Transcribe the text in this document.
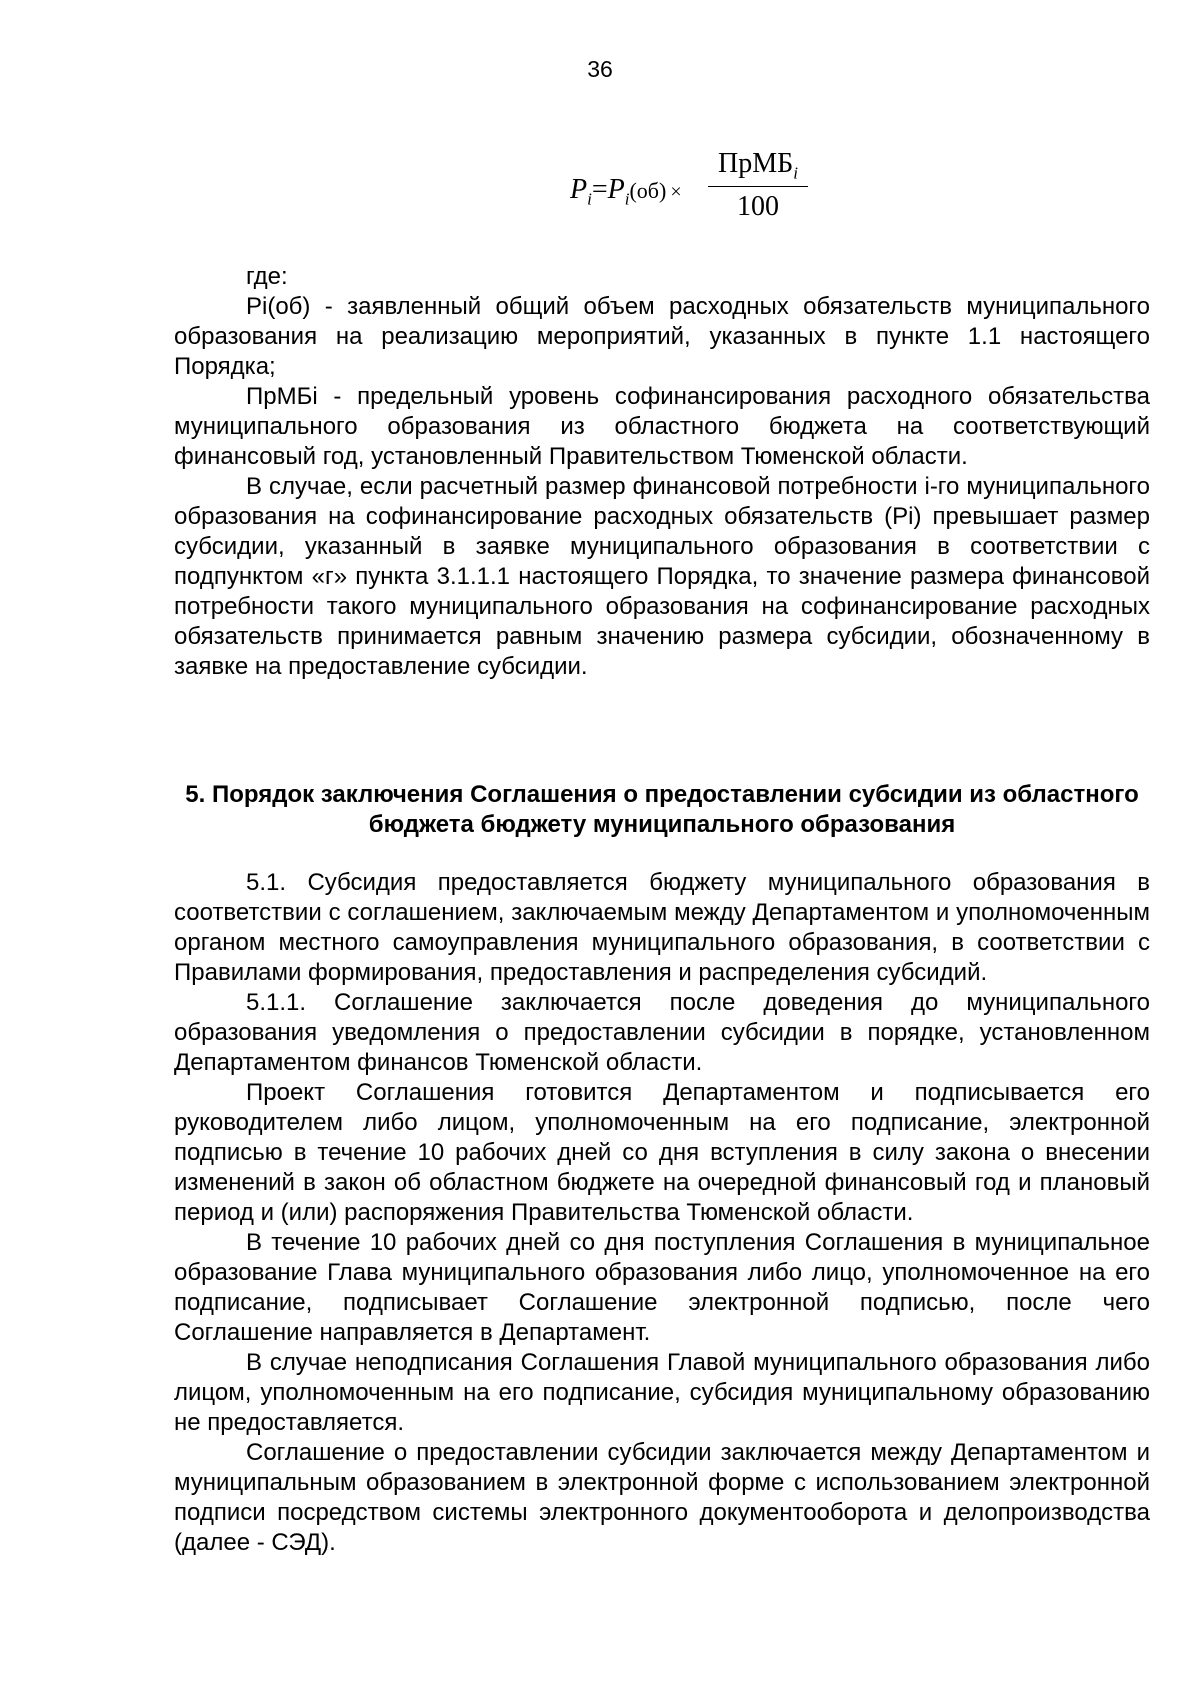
36
$P_i=P_i(об)$ ×
ПрМБ$_i$
100

где:

Pi(об) - заявленный общий объем расходных обязательств муниципального образования на реализацию мероприятий, указанных в пункте 1.1 настоящего Порядка;

ПрМБi - предельный уровень софинансирования расходного обязательства муниципального образования из областного бюджета на соответствующий финансовый год, установленный Правительством Тюменской области.

В случае, если расчетный размер финансовой потребности i-го муниципального образования на софинансирование расходных обязательств (Pi) превышает размер субсидии, указанный в заявке муниципального образования в соответствии с подпунктом «г» пункта 3.1.1.1 настоящего Порядка, то значение размера финансовой потребности такого муниципального образования на софинансирование расходных обязательств принимается равным значению размера субсидии, обозначенному в заявке на предоставление субсидии.

5. Порядок заключения Соглашения о предоставлении субсидии из областного бюджета бюджету муниципального образования

5.1. Субсидия предоставляется бюджету муниципального образования в соответствии с соглашением, заключаемым между Департаментом и уполномоченным органом местного самоуправления муниципального образования, в соответствии с Правилами формирования, предоставления и распределения субсидий.

5.1.1. Соглашение заключается после доведения до муниципального образования уведомления о предоставлении субсидии в порядке, установленном Департаментом финансов Тюменской области.

Проект Соглашения готовится Департаментом и подписывается его руководителем либо лицом, уполномоченным на его подписание, электронной подписью в течение 10 рабочих дней со дня вступления в силу закона о внесении изменений в закон об областном бюджете на очередной финансовый год и плановый период и (или) распоряжения Правительства Тюменской области.

В течение 10 рабочих дней со дня поступления Соглашения в муниципальное образование Глава муниципального образования либо лицо, уполномоченное на его подписание, подписывает Соглашение электронной подписью, после чего Соглашение направляется в Департамент.

В случае неподписания Соглашения Главой муниципального образования либо лицом, уполномоченным на его подписание, субсидия муниципальному образованию не предоставляется.

Соглашение о предоставлении субсидии заключается между Департаментом и муниципальным образованием в электронной форме с использованием электронной подписи посредством системы электронного документооборота и делопроизводства (далее - СЭД).
